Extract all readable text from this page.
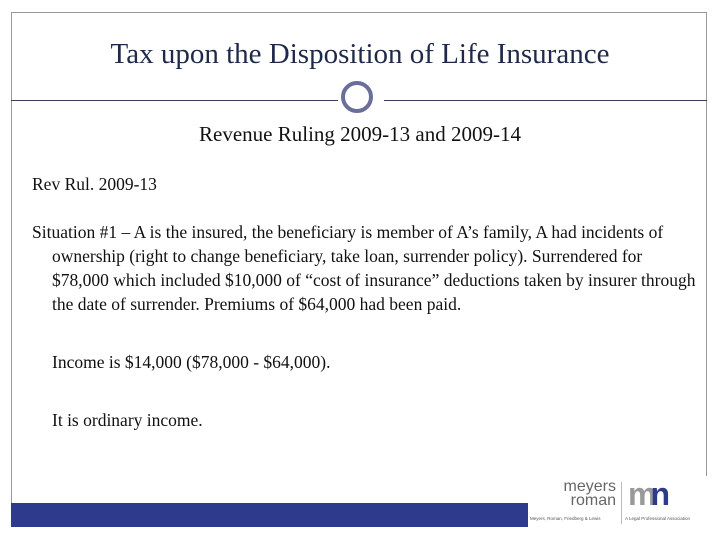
Tax upon the Disposition of Life Insurance
Revenue Ruling 2009-13 and 2009-14

Rev Rul. 2009-13

Situation #1 – A is the insured, the beneficiary is member of A’s family, A had incidents of ownership (right to change beneficiary, take loan, surrender policy). Surrendered for $78,000 which included $10,000 of “cost of insurance” deductions taken by insurer through the date of surrender. Premiums of $64,000 had been paid.

Income is $14,000 ($78,000 - $64,000).

It is ordinary income.

meyers
roman mn
Meyers, Roman, Friedberg & Lewis	A Legal Professional Association
